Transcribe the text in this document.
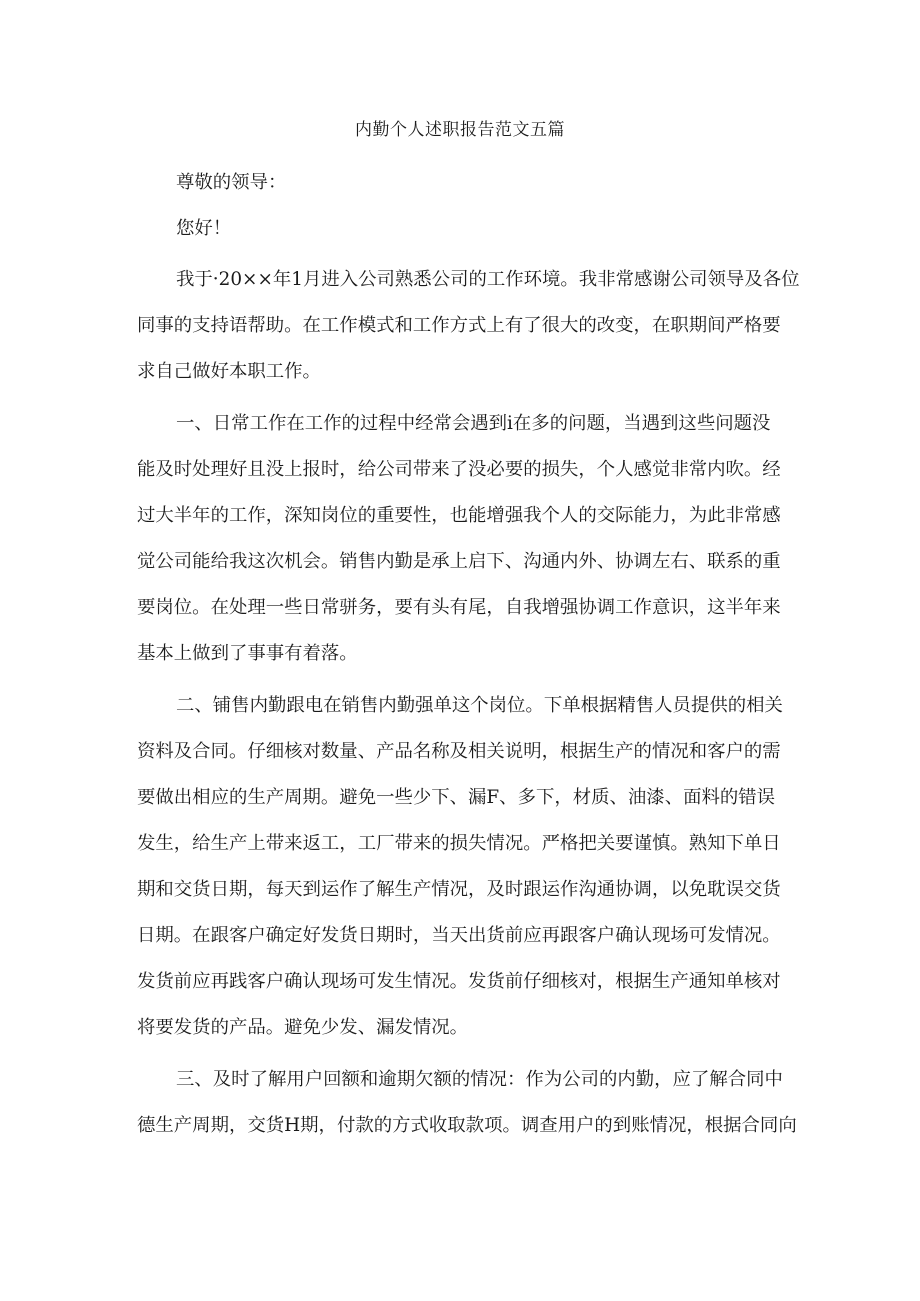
内勤个人述职报告范文五篇

尊敬的领导：

您好！

我于·20××年1月进入公司熟悉公司的工作环境。我非常感谢公司领导及各位

同事的支持语帮助。在工作模式和工作方式上有了很大的改变，在职期间严格要

求自己做好本职工作。

一、日常工作在工作的过程中经常会遇到i在多的问题，当遇到这些问题没

能及时处理好且没上报时，给公司带来了没必要的损失，个人感觉非常内吹。经

过大半年的工作，深知岗位的重要性，也能增强我个人的交际能力，为此非常感

觉公司能给我这次机会。销售内勤是承上启下、沟通内外、协调左右、联系的重

要岗位。在处理一些日常骈务，要有头有尾，自我增强协调工作意识，这半年来

基本上做到了事事有着落。

二、铺售内勤跟电在销售内勤强单这个岗位。下单根据精售人员提供的相关

资料及合同。仔细核对数量、产品名称及相关说明，根据生产的情况和客户的需

要做出相应的生产周期。避免一些少下、漏F、多下，材质、油漆、面料的错误

发生，给生产上带来返工，工厂带来的损失情况。严格把关要谨慎。熟知下单日

期和交货日期，每天到运作了解生产情况，及时跟运作沟通协调，以免耽误交货

日期。在跟客户确定好发货日期时，当天出货前应再跟客户确认现场可发情况。

发货前应再践客户确认现场可发生情况。发货前仔细核对，根据生产通知单核对

将要发货的产品。避免少发、漏发情况。

三、及时了解用户回额和逾期欠额的情况：作为公司的内勤，应了解合同中

德生产周期，交货H期，付款的方式收取款项。调查用户的到账情况，根据合同向
